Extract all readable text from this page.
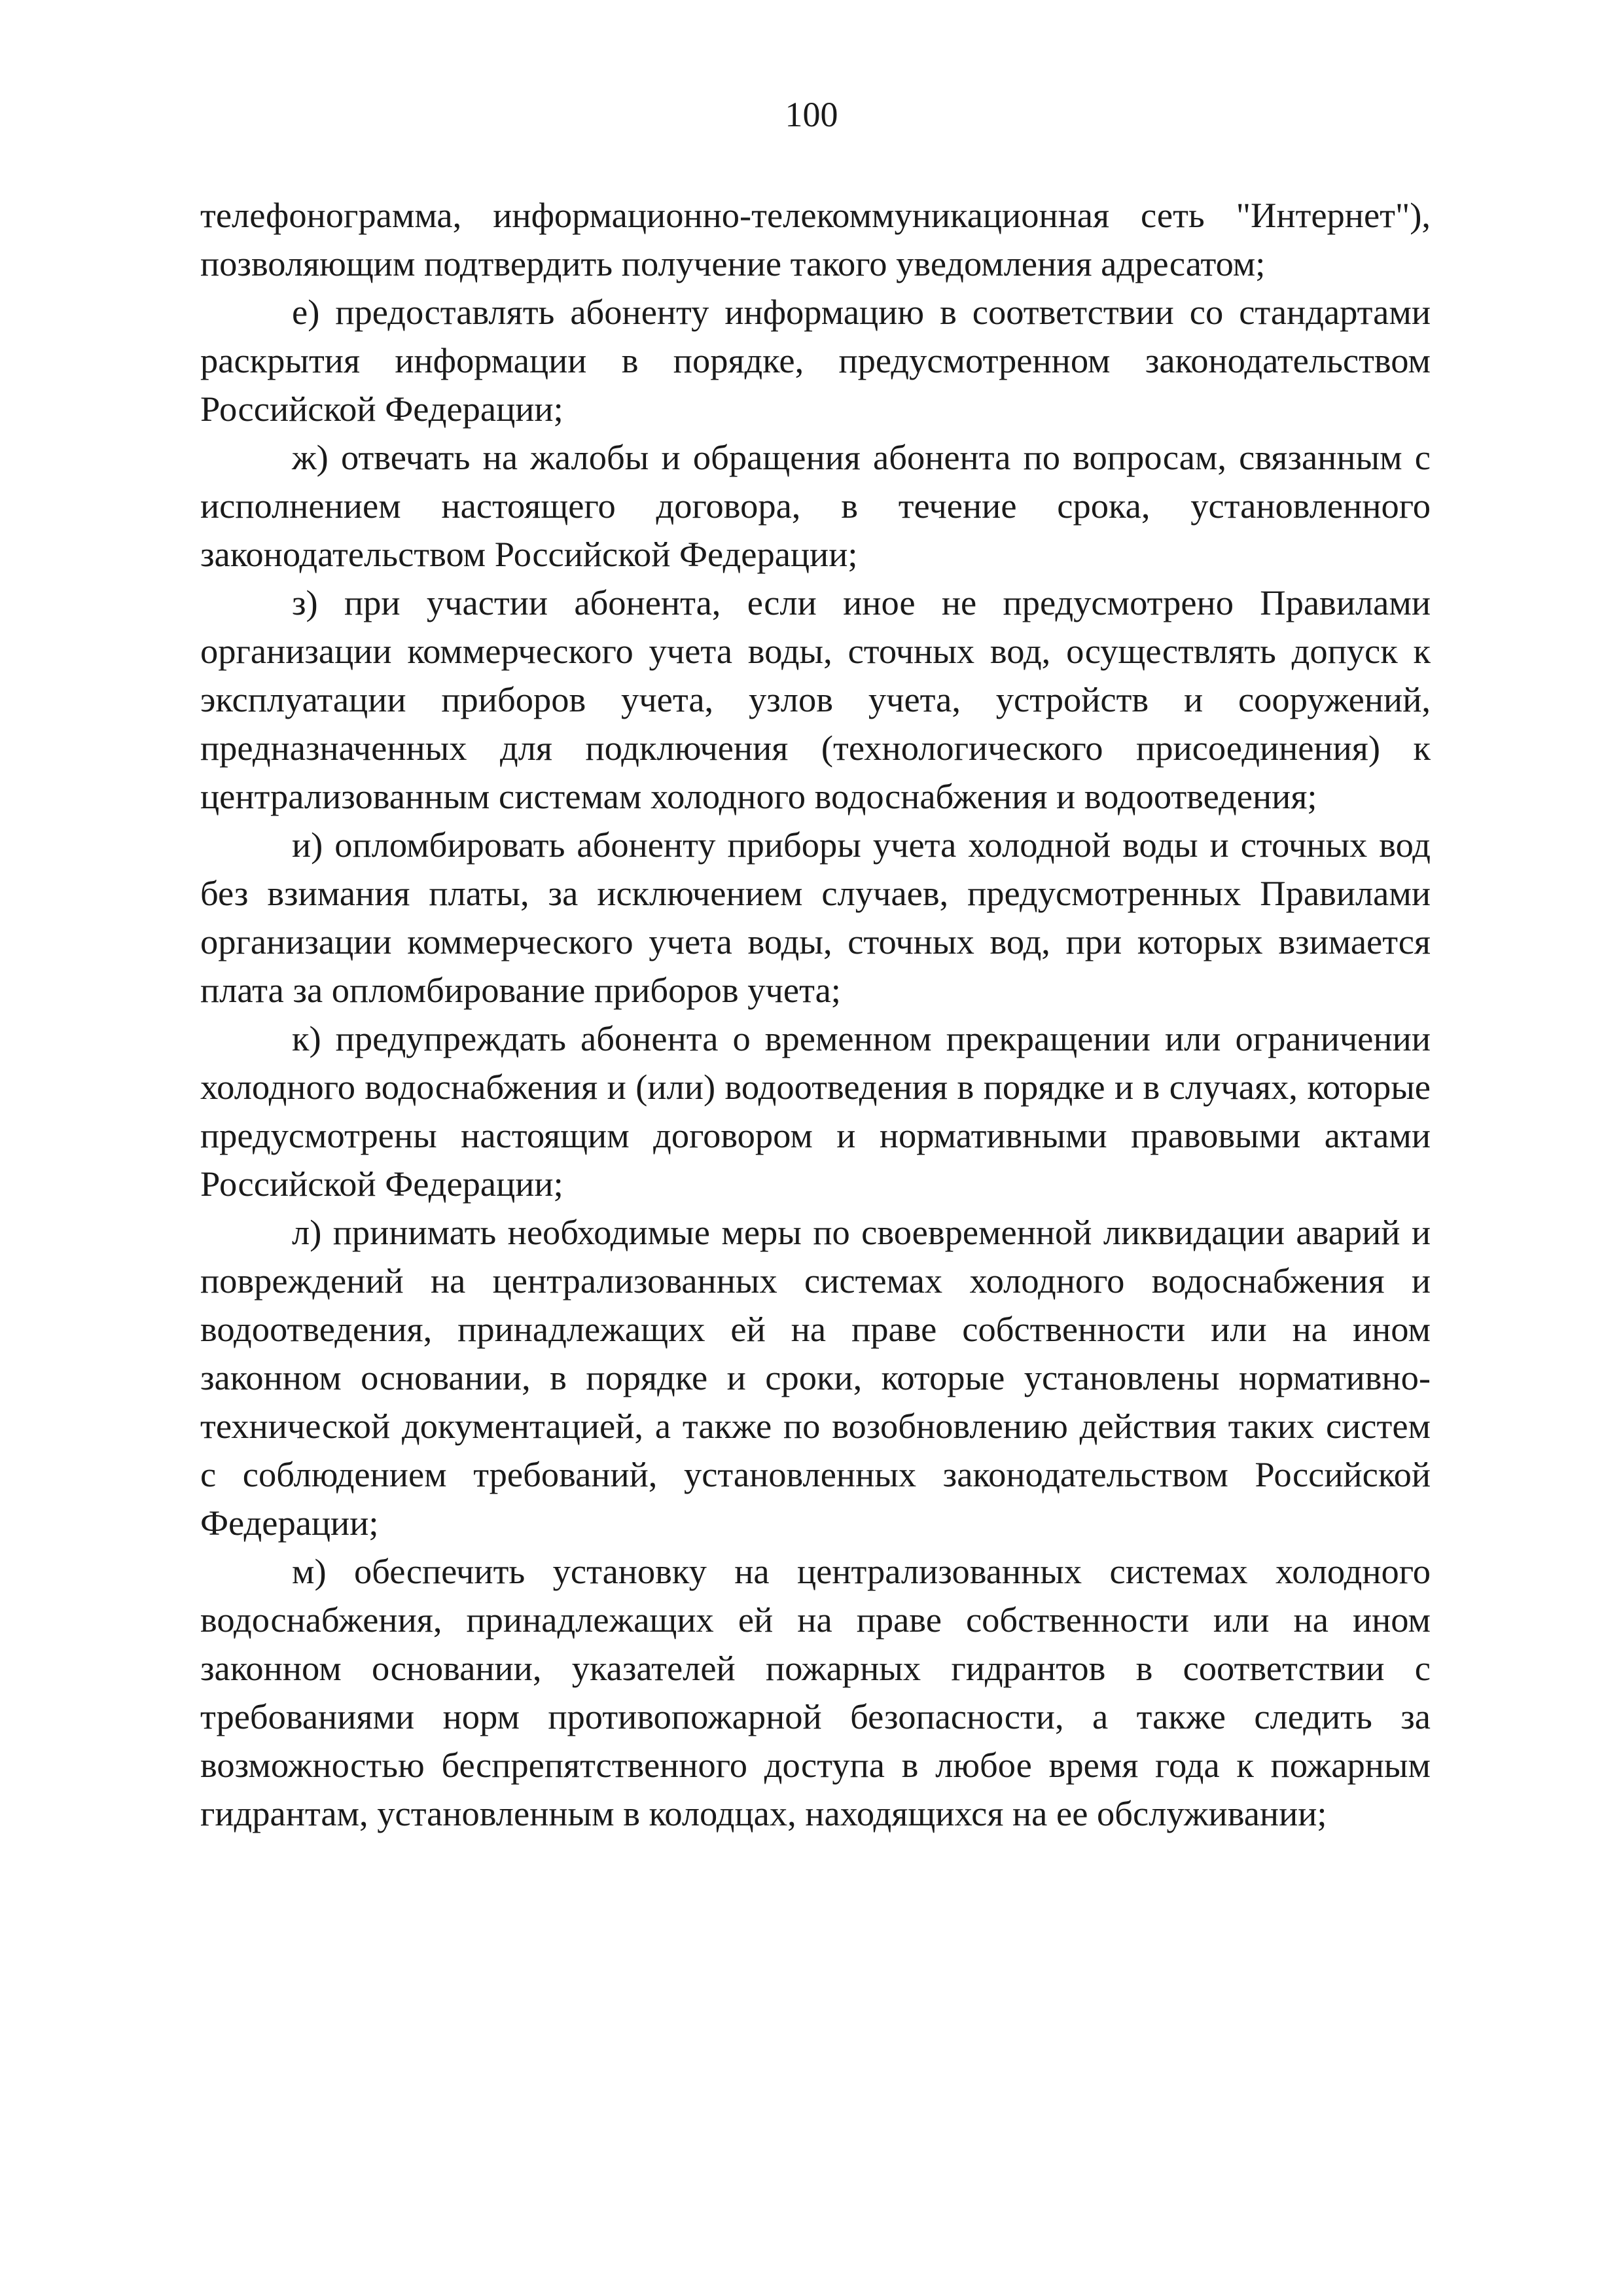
100

телефонограмма, информационно-телекоммуникационная сеть "Интернет"), позволяющим подтвердить получение такого уведомления адресатом;

е) предоставлять абоненту информацию в соответствии со стандартами раскрытия информации в порядке, предусмотренном законодательством Российской Федерации;

ж) отвечать на жалобы и обращения абонента по вопросам, связанным с исполнением настоящего договора, в течение срока, установленного законодательством Российской Федерации;

з) при участии абонента, если иное не предусмотрено Правилами организации коммерческого учета воды, сточных вод, осуществлять допуск к эксплуатации приборов учета, узлов учета, устройств и сооружений, предназначенных для подключения (технологического присоединения) к централизованным системам холодного водоснабжения и водоотведения;

и) опломбировать абоненту приборы учета холодной воды и сточных вод без взимания платы, за исключением случаев, предусмотренных Правилами организации коммерческого учета воды, сточных вод, при которых взимается плата за опломбирование приборов учета;

к) предупреждать абонента о временном прекращении или ограничении холодного водоснабжения и (или) водоотведения в порядке и в случаях, которые предусмотрены настоящим договором и нормативными правовыми актами Российской Федерации;

л) принимать необходимые меры по своевременной ликвидации аварий и повреждений на централизованных системах холодного водоснабжения и водоотведения, принадлежащих ей на праве собственности или на ином законном основании, в порядке и сроки, которые установлены нормативно-технической документацией, а также по возобновлению действия таких систем с соблюдением требований, установленных законодательством Российской Федерации;

м) обеспечить установку на централизованных системах холодного водоснабжения, принадлежащих ей на праве собственности или на ином законном основании, указателей пожарных гидрантов в соответствии с требованиями норм противопожарной безопасности, а также следить за возможностью беспрепятственного доступа в любое время года к пожарным гидрантам, установленным в колодцах, находящихся на ее обслуживании;
